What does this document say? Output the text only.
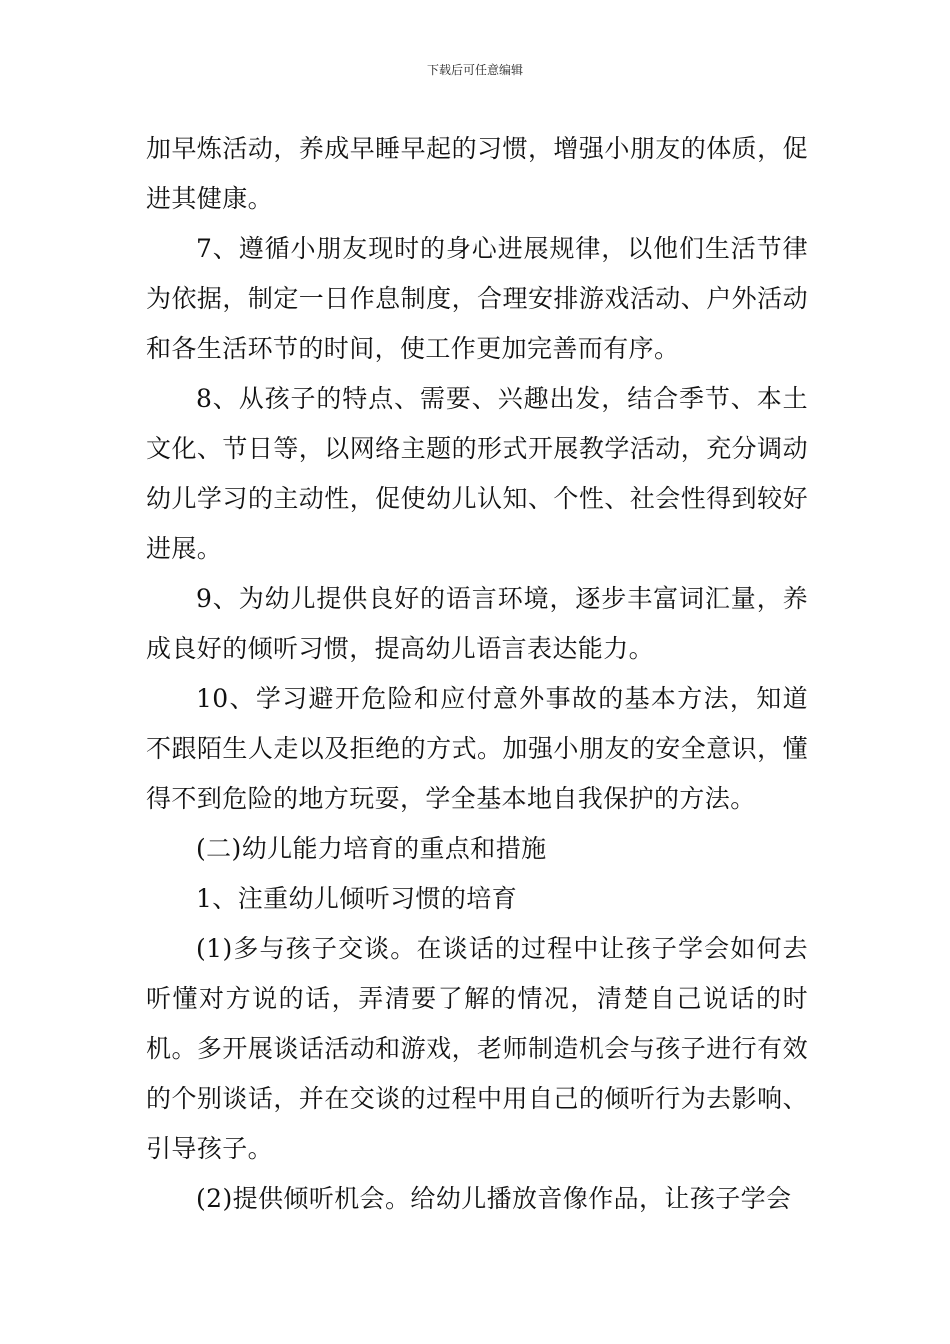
下载后可任意编辑

加早炼活动，养成早睡早起的习惯，增强小朋友的体质，促进其健康。

7、遵循小朋友现时的身心进展规律，以他们生活节律为依据，制定一日作息制度，合理安排游戏活动、户外活动和各生活环节的时间，使工作更加完善而有序。

8、从孩子的特点、需要、兴趣出发，结合季节、本土文化、节日等，以网络主题的形式开展教学活动，充分调动幼儿学习的主动性，促使幼儿认知、个性、社会性得到较好进展。

9、为幼儿提供良好的语言环境，逐步丰富词汇量，养成良好的倾听习惯，提高幼儿语言表达能力。

10、学习避开危险和应付意外事故的基本方法，知道不跟陌生人走以及拒绝的方式。加强小朋友的安全意识，懂得不到危险的地方玩耍，学全基本地自我保护的方法。

(二)幼儿能力培育的重点和措施

1、注重幼儿倾听习惯的培育

(1)多与孩子交谈。在谈话的过程中让孩子学会如何去听懂对方说的话，弄清要了解的情况，清楚自己说话的时机。多开展谈话活动和游戏，老师制造机会与孩子进行有效的个别谈话，并在交谈的过程中用自己的倾听行为去影响、引导孩子。

(2)提供倾听机会。给幼儿播放音像作品，让孩子学会
